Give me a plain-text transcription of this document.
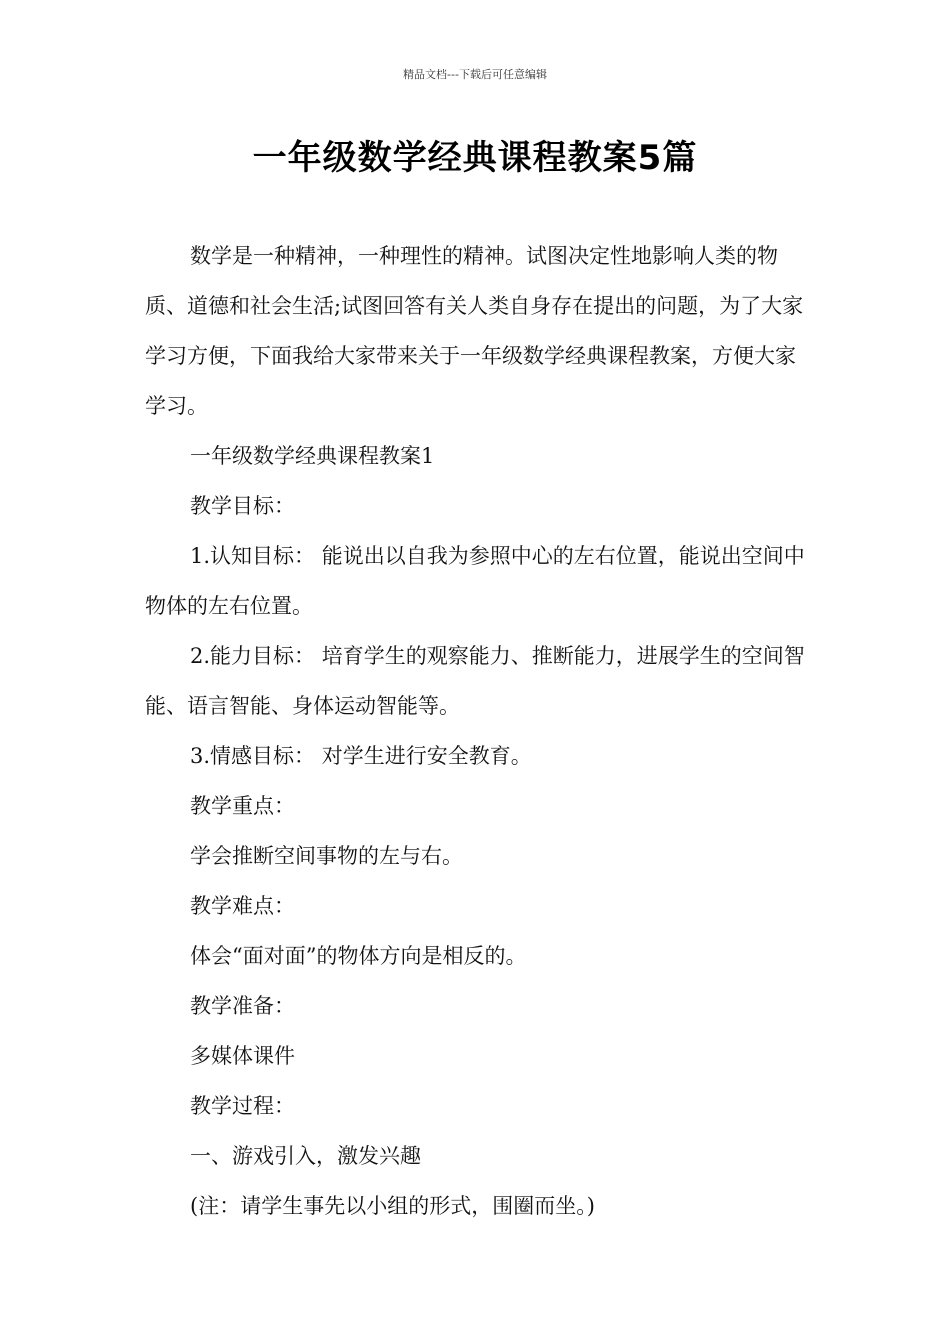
精品文档---下载后可任意编辑
一年级数学经典课程教案5篇

数学是一种精神，一种理性的精神。试图决定性地影响人类的物质、道德和社会生活;试图回答有关人类自身存在提出的问题，为了大家学习方便，下面我给大家带来关于一年级数学经典课程教案，方便大家学习。

一年级数学经典课程教案1

教学目标：

1.认知目标： 能说出以自我为参照中心的左右位置，能说出空间中物体的左右位置。

2.能力目标： 培育学生的观察能力、推断能力，进展学生的空间智能、语言智能、身体运动智能等。

3.情感目标： 对学生进行安全教育。

教学重点：

学会推断空间事物的左与右。

教学难点：

体会“面对面”的物体方向是相反的。

教学准备：

多媒体课件

教学过程：

一、游戏引入，激发兴趣

(注：请学生事先以小组的形式，围圈而坐。)
